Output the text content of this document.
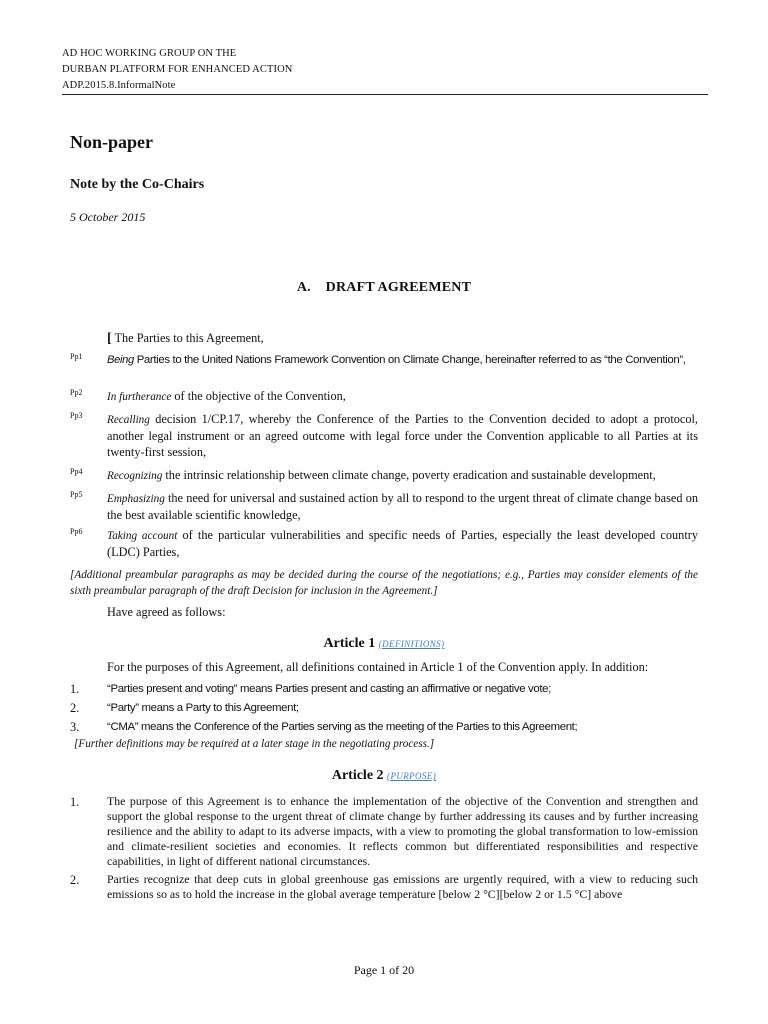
AD HOC WORKING GROUP ON THE
DURBAN PLATFORM FOR ENHANCED ACTION
ADP.2015.8.InformalNote
Non-paper
Note by the Co-Chairs
5 October 2015
A.    DRAFT AGREEMENT
[ The Parties to this Agreement,
Pp1 Being Parties to the United Nations Framework Convention on Climate Change, hereinafter referred to as “the Convention”,
Pp2 In furtherance of the objective of the Convention,
Pp3 Recalling decision 1/CP.17, whereby the Conference of the Parties to the Convention decided to adopt a protocol, another legal instrument or an agreed outcome with legal force under the Convention applicable to all Parties at its twenty-first session,
Pp4 Recognizing the intrinsic relationship between climate change, poverty eradication and sustainable development,
Pp5 Emphasizing the need for universal and sustained action by all to respond to the urgent threat of climate change based on the best available scientific knowledge,
Pp6 Taking account of the particular vulnerabilities and specific needs of Parties, especially the least developed country (LDC) Parties,
[Additional preambular paragraphs as may be decided during the course of the negotiations; e.g., Parties may consider elements of the sixth preambular paragraph of the draft Decision for inclusion in the Agreement.]
Have agreed as follows:
Article 1 (DEFINITIONS)
For the purposes of this Agreement, all definitions contained in Article 1 of the Convention apply. In addition:
1. “Parties present and voting” means Parties present and casting an affirmative or negative vote;
2. “Party” means a Party to this Agreement;
3. “CMA” means the Conference of the Parties serving as the meeting of the Parties to this Agreement;
[Further definitions may be required at a later stage in the negotiating process.]
Article 2 (PURPOSE)
1. The purpose of this Agreement is to enhance the implementation of the objective of the Convention and strengthen and support the global response to the urgent threat of climate change by further addressing its causes and by further increasing resilience and the ability to adapt to its adverse impacts, with a view to promoting the global transformation to low-emission and climate-resilient societies and economies. It reflects common but differentiated responsibilities and respective capabilities, in light of different national circumstances.
2. Parties recognize that deep cuts in global greenhouse gas emissions are urgently required, with a view to reducing such emissions so as to hold the increase in the global average temperature [below 2 °C][below 2 or 1.5 °C] above
Page 1 of 20
